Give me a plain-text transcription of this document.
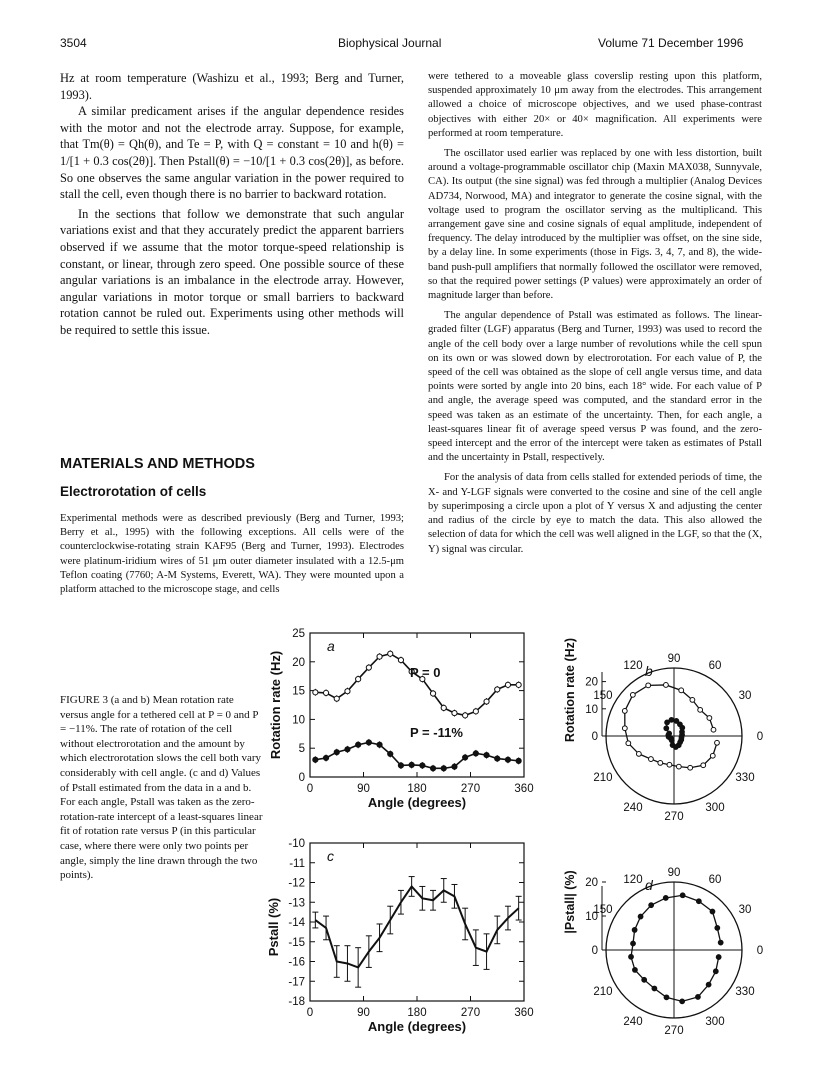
3504	Biophysical Journal	Volume 71 December 1996

Hz at room temperature (Washizu et al., 1993; Berg and Turner, 1993).

A similar predicament arises if the angular dependence resides with the motor and not the electrode array. Suppose, for example, that Tm(θ) = Qh(θ), and Te = P, with Q = constant = 10 and h(θ) = 1/[1 + 0.3 cos(2θ)]. Then Pstall(θ) = −10/[1 + 0.3 cos(2θ)], as before. So one observes the same angular variation in the power required to stall the cell, even though there is no barrier to backward rotation.

In the sections that follow we demonstrate that such angular variations exist and that they accurately predict the apparent barriers observed if we assume that the motor torque-speed relationship is constant, or linear, through zero speed. One possible source of these angular variations is an imbalance in the electrode array. However, angular variations in motor torque or small barriers to backward rotation cannot be ruled out. Experiments using other methods will be required to settle this issue.

MATERIALS AND METHODS
Electrorotation of cells

Experimental methods were as described previously (Berg and Turner, 1993; Berry et al., 1995) with the following exceptions. All cells were of the counterclockwise-rotating strain KAF95 (Berg and Turner, 1993). Electrodes were platinum-iridium wires of 51 μm outer diameter insulated with a 12.5-μm Teflon coating (7760; A-M Systems, Everett, WA). They were mounted upon a platform attached to the microscope stage, and cells

were tethered to a moveable glass coverslip resting upon this platform, suspended approximately 10 μm away from the electrodes. This arrangement allowed a choice of microscope objectives, and we used phase-contrast objectives with either 20× or 40× magnification. All experiments were performed at room temperature.

The oscillator used earlier was replaced by one with less distortion, built around a voltage-programmable oscillator chip (Maxin MAX038, Sunnyvale, CA). Its output (the sine signal) was fed through a multiplier (Analog Devices AD734, Norwood, MA) and integrator to generate the cosine signal, with the voltage used to program the oscillator serving as the multiplicand. This arrangement gave sine and cosine signals of equal amplitude, independent of frequency. The delay introduced by the multiplier was offset, on the sine side, by a delay line. In some experiments (those in Figs. 3, 4, 7, and 8), the wide-band push-pull amplifiers that normally followed the oscillator were removed, so that the required power settings (P values) were approximately an order of magnitude larger than before.

The angular dependence of Pstall was estimated as follows. The linear-graded filter (LGF) apparatus (Berg and Turner, 1993) was used to record the angle of the cell body over a large number of revolutions while the cell spun on its own or was slowed down by electrorotation. For each value of P, the speed of the cell was obtained as the slope of cell angle versus time, and data points were sorted by angle into 20 bins, each 18° wide. For each value of P and angle, the average speed was computed, and the standard error in the speed was taken as an estimate of the uncertainty. Then, for each angle, a least-squares linear fit of average speed versus P was found, and the zero-speed intercept and the error of the intercept were taken as estimates of Pstall and the uncertainty in Pstall, respectively.

For the analysis of data from cells stalled for extended periods of time, the X- and Y-LGF signals were converted to the cosine and sine of the cell angle by superimposing a circle upon a plot of Y versus X and adjusting the center and radius of the circle by eye to match the data. This also allowed the selection of data for which the cell was well aligned in the LGF, so that the (X, Y) signal was circular.

FIGURE 3 (a and b) Mean rotation rate versus angle for a tethered cell at P = 0 and P = −11%. The rate of rotation of the cell without electrorotation and the amount by which electrorotation slows the cell both vary considerably with cell angle. (c and d) Values of Pstall estimated from the data in a and b. For each angle, Pstall was taken as the zero-rotation-rate intercept of a least-squares linear fit of rotation rate versus P (in this particular case, where there were only two points per angle, simply the line drawn through the two points).
0	90	180	270	360
0
5
10
15
20
25
a
P = 0
P = -11%
Angle (degrees)
Rotation rate (Hz)
0	90	180	270	360
-10
-11
-12
-13
-14
-15
-16
-17
-18
c
Angle (degrees)
Pstall (%)
0
10
20
0
30
60
90
120
150
210
240
270
300
330
b
Rotation rate (Hz)
0
10
20
0
30
60
90
120
150
210
240
270
300
330
d
|Pstall| (%)
